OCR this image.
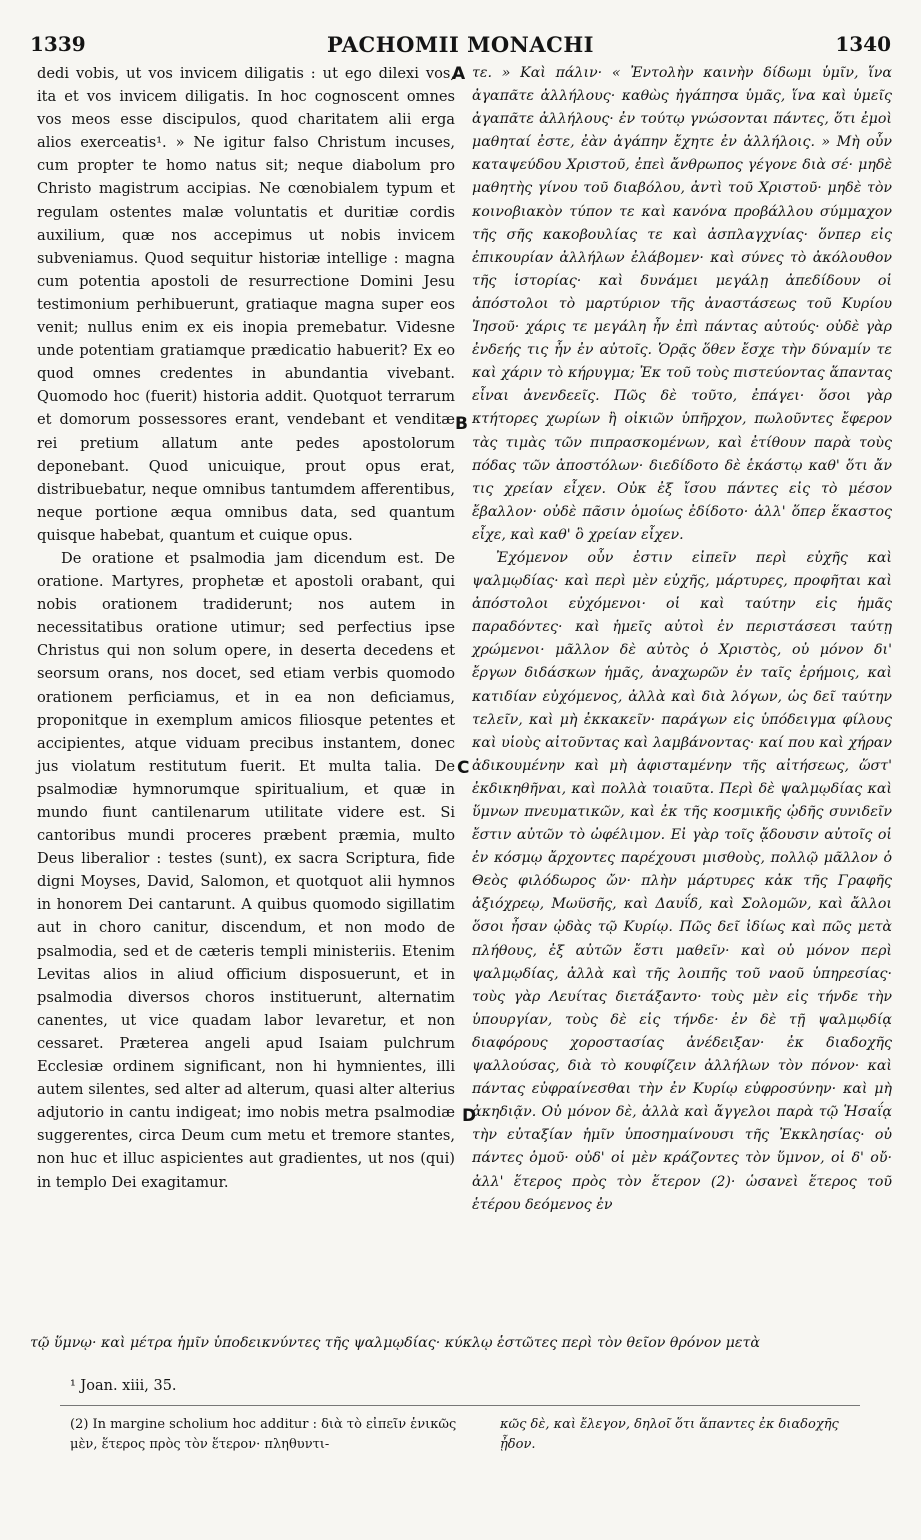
1339	PACHOMII MONACHI	1340

dedi vobis, ut vos invicem diligatis : ut ego dilexi vos, ita et vos invicem diligatis. In hoc cognoscent omnes vos meos esse discipulos, quod charitatem alii erga alios exerceatis¹. » Ne igitur falso Christum incuses, cum propter te homo natus sit; neque diabolum pro Christo magistrum accipias. Ne cœnobialem typum et regulam ostentes malæ voluntatis et duritiæ cordis auxilium, quæ nos accepimus ut nobis invicem subveniamus. Quod sequitur historiæ intellige : magna cum potentia apostoli de resurrectione Domini Jesu testimonium perhibuerunt, gratiaque magna super eos venit; nullus enim ex eis inopia premebatur. Videsne unde potentiam gratiamque prædicatio habuerit? Ex eo quod omnes credentes in abundantia vivebant. Quomodo hoc (fuerit) historia addit. Quotquot terrarum et domorum possessores erant, vendebant et venditæ rei pretium allatum ante pedes apostolorum deponebant. Quod unicuique, prout opus erat, distribuebatur, neque omnibus tantumdem afferentibus, neque portione æqua omnibus data, sed quantum quisque habebat, quantum et cuique opus.

De oratione et psalmodia jam dicendum est. De oratione. Martyres, prophetæ et apostoli orabant, qui nobis orationem tradiderunt; nos autem in necessitatibus oratione utimur; sed perfectius ipse Christus qui non solum opere, in deserta decedens et seorsum orans, nos docet, sed etiam verbis quomodo orationem perficiamus, et in ea non deficiamus, proponitque in exemplum amicos filiosque petentes et accipientes, atque viduam precibus instantem, donec jus violatum restitutum fuerit. Et multa talia. De psalmodiæ hymnorumque spiritualium, et quæ in mundo fiunt cantilenarum utilitate videre est. Si cantoribus mundi proceres præbent præmia, multo Deus liberalior : testes (sunt), ex sacra Scriptura, fide digni Moyses, David, Salomon, et quotquot alii hymnos in honorem Dei cantarunt. A quibus quomodo sigillatim aut in choro canitur, discendum, et non modo de psalmodia, sed et de cæteris templi ministeriis. Etenim Levitas alios in aliud officium disposuerunt, et in psalmodia diversos choros instituerunt, alternatim canentes, ut vice quadam labor levaretur, et non cessaret. Præterea angeli apud Isaiam pulchrum Ecclesiæ ordinem significant, non hi hymnientes, illi autem silentes, sed alter ad alterum, quasi alter alterius adjutorio in cantu indigeat; imo nobis metra psalmodiæ suggerentes, circa Deum cum metu et tremore stantes, non huc et illuc aspicientes aut gradientes, ut nos (qui) in templo Dei exagitamur.

τε. » Καὶ πάλιν· « Ἐντολὴν καινὴν δίδωμι ὑμῖν, ἵνα ἀγαπᾶτε ἀλλήλους· καθὼς ἠγάπησα ὑμᾶς, ἵνα καὶ ὑμεῖς ἀγαπᾶτε ἀλλήλους· ἐν τούτῳ γνώσονται πάντες, ὅτι ἐμοὶ μαθηταί ἐστε, ἐὰν ἀγάπην ἔχητε ἐν ἀλλήλοις. » Μὴ οὖν καταψεύδου Χριστοῦ, ἐπεὶ ἄνθρωπος γέγονε διὰ σέ· μηδὲ μαθητὴς γίνου τοῦ διαβόλου, ἀντὶ τοῦ Χριστοῦ· μηδὲ τὸν κοινοβιακὸν τύπον τε καὶ κανόνα προβάλλου σύμμαχον τῆς σῆς κακοβουλίας τε καὶ ἀσπλαγχνίας· ὅνπερ εἰς ἐπικουρίαν ἀλλήλων ἐλάβομεν· καὶ σύνες τὸ ἀκόλουθον τῆς ἱστορίας· καὶ δυνάμει μεγάλῃ ἀπεδίδουν οἱ ἀπόστολοι τὸ μαρτύριον τῆς ἀναστάσεως τοῦ Κυρίου Ἰησοῦ· χάρις τε μεγάλη ἦν ἐπὶ πάντας αὐτούς· οὐδὲ γὰρ ἐνδεής τις ἦν ἐν αὐτοῖς. Ὁρᾷς ὅθεν ἔσχε τὴν δύναμίν τε καὶ χάριν τὸ κήρυγμα; Ἐκ τοῦ τοὺς πιστεύοντας ἅπαντας εἶναι ἀνενδεεῖς. Πῶς δὲ τοῦτο, ἐπάγει· ὅσοι γὰρ κτήτορες χωρίων ἢ οἰκιῶν ὑπῆρχον, πωλοῦντες ἔφερον τὰς τιμὰς τῶν πιπρασκομένων, καὶ ἐτίθουν παρὰ τοὺς πόδας τῶν ἀποστόλων· διεδίδοτο δὲ ἑκάστῳ καθ' ὅτι ἄν τις χρείαν εἶχεν. Οὐκ ἐξ ἴσου πάντες εἰς τὸ μέσον ἔβαλλον· οὐδὲ πᾶσιν ὁμοίως ἐδίδοτο· ἀλλ' ὅπερ ἕκαστος εἶχε, καὶ καθ' ὃ χρείαν εἶχεν.

Ἐχόμενον οὖν ἐστιν εἰπεῖν περὶ εὐχῆς καὶ ψαλμῳδίας· καὶ περὶ μὲν εὐχῆς, μάρτυρες, προφῆται καὶ ἀπόστολοι εὐχόμενοι· οἱ καὶ ταύτην εἰς ἡμᾶς παραδόντες· καὶ ἡμεῖς αὐτοὶ ἐν περιστάσεσι ταύτῃ χρώμενοι· μᾶλλον δὲ αὐτὸς ὁ Χριστὸς, οὐ μόνον δι' ἔργων διδάσκων ἡμᾶς, ἀναχωρῶν ἐν ταῖς ἐρήμοις, καὶ κατιδίαν εὐχόμενος, ἀλλὰ καὶ διὰ λόγων, ὡς δεῖ ταύτην τελεῖν, καὶ μὴ ἐκκακεῖν· παράγων εἰς ὑπόδειγμα φίλους καὶ υἱοὺς αἰτοῦντας καὶ λαμβάνοντας· καί που καὶ χήραν ἀδικουμένην καὶ μὴ ἀφισταμένην τῆς αἰτήσεως, ὥστ' ἐκδικηθῆναι, καὶ πολλὰ τοιαῦτα. Περὶ δὲ ψαλμῳδίας καὶ ὕμνων πνευματικῶν, καὶ ἐκ τῆς κοσμικῆς ᾠδῆς συνιδεῖν ἔστιν αὐτῶν τὸ ὠφέλιμον. Εἰ γὰρ τοῖς ᾄδουσιν αὐτοῖς οἱ ἐν κόσμῳ ἄρχοντες παρέχουσι μισθοὺς, πολλῷ μᾶλλον ὁ Θεὸς φιλόδωρος ὤν· πλὴν μάρτυρες κἀκ τῆς Γραφῆς ἀξιόχρεῳ, Μωϋσῆς, καὶ Δαυΐδ, καὶ Σολομῶν, καὶ ἄλλοι ὅσοι ἦσαν ᾠδὰς τῷ Κυρίῳ. Πῶς δεῖ ἰδίως καὶ πῶς μετὰ πλήθους, ἐξ αὐτῶν ἔστι μαθεῖν· καὶ οὐ μόνον περὶ ψαλμῳδίας, ἀλλὰ καὶ τῆς λοιπῆς τοῦ ναοῦ ὑπηρεσίας· τοὺς γὰρ Λευίτας διετάξαντο· τοὺς μὲν εἰς τήνδε τὴν ὑπουργίαν, τοὺς δὲ εἰς τήνδε· ἐν δὲ τῇ ψαλμῳδίᾳ διαφόρους χοροστασίας ἀνέδειξαν· ἐκ διαδοχῆς ψαλλούσας, διὰ τὸ κουφίζειν ἀλλήλων τὸν πόνον· καὶ πάντας εὐφραίνεσθαι τὴν ἐν Κυρίῳ εὐφροσύνην· καὶ μὴ ἀκηδιᾷν. Οὐ μόνον δὲ, ἀλλὰ καὶ ἄγγελοι παρὰ τῷ Ἡσαΐᾳ τὴν εὐταξίαν ἡμῖν ὑποσημαίνουσι τῆς Ἐκκλησίας· οὐ πάντες ὁμοῦ· οὐδ' οἱ μὲν κράζοντες τὸν ὕμνον, οἱ δ' οὔ· ἀλλ' ἕτερος πρὸς τὸν ἕτερον (2)· ὡσανεὶ ἕτερος τοῦ ἑτέρου δεόμενος ἐν

A
B
C
D
τῷ ὕμνῳ· καὶ μέτρα ἡμῖν ὑποδεικνύντες τῆς ψαλμῳδίας· κύκλῳ ἑστῶτες περὶ τὸν θεῖον θρόνον μετὰ
¹ Joan. xiii, 35.
(2) In margine scholium hoc additur : διὰ τὸ εἰπεῖν ἑνικῶς μὲν, ἕτερος πρὸς τὸν ἕτερον· πληθυντι-
κῶς δὲ, καὶ ἔλεγον, δηλοῖ ὅτι ἅπαντες ἐκ διαδοχῆς ᾖδον.
